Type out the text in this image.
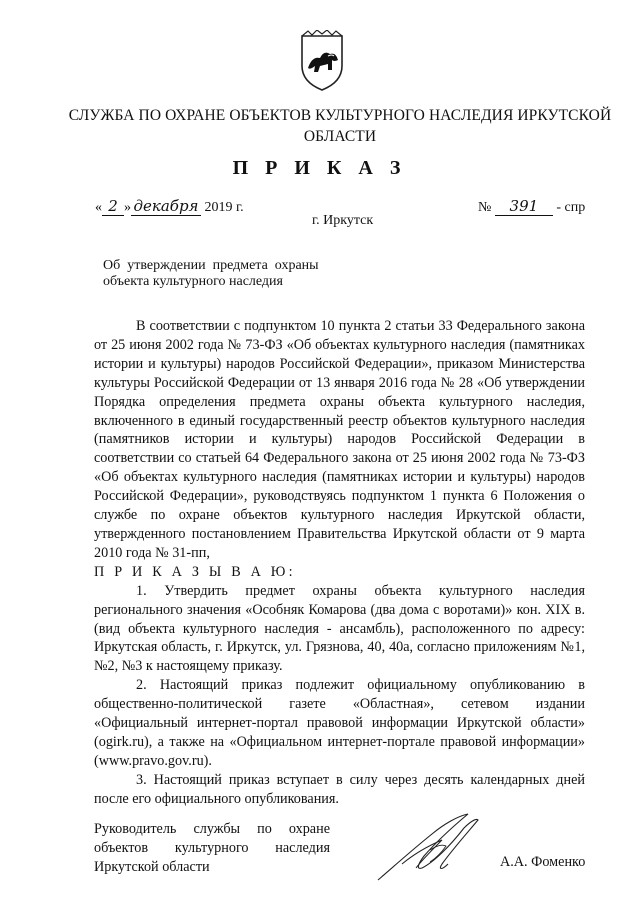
СЛУЖБА ПО ОХРАНЕ ОБЪЕКТОВ КУЛЬТУРНОГО НАСЛЕДИЯ ИРКУТСКОЙ
ОБЛАСТИ
П Р И К А З
« 2 » декабря 2019 г.	№ 391 - спр
г. Иркутск
Об  утверждении  предмета  охраны
объекта культурного наследия

В соответствии с подпунктом 10 пункта 2 статьи 33 Федерального закона от 25 июня 2002 года № 73-ФЗ «Об объектах культурного наследия (памятниках истории и культуры) народов Российской Федерации», приказом Министерства культуры Российской Федерации от 13 января 2016 года № 28 «Об утверждении Порядка определения предмета охраны объекта культурного наследия, включенного в единый государственный реестр объектов культурного наследия (памятников истории и культуры) народов Российской Федерации в соответствии со статьей 64 Федерального закона от 25 июня 2002 года № 73-ФЗ «Об объектах культурного наследия (памятниках истории и культуры) народов Российской Федерации», руководствуясь подпунктом 1 пункта 6 Положения о службе по охране объектов культурного наследия Иркутской области, утвержденного постановлением Правительства Иркутской области от 9 марта 2010 года № 31-пп,

П Р И К А З Ы В А Ю:

1. Утвердить предмет охраны объекта культурного наследия регионального значения «Особняк Комарова (два дома с воротами)» кон. XIX в. (вид объекта культурного наследия - ансамбль), расположенного по адресу: Иркутская область, г. Иркутск, ул. Грязнова, 40, 40а, согласно приложениям №1, №2, №3 к настоящему приказу.

2. Настоящий приказ подлежит официальному опубликованию в общественно-политической газете «Областная», сетевом издании «Официальный интернет-портал правовой информации Иркутской области» (ogirk.ru), а также на «Официальном интернет-портале правовой информации» (www.pravo.gov.ru).

3. Настоящий приказ вступает в силу через десять календарных дней после его официального опубликования.

Руководитель службы по охране
объектов культурного наследия
Иркутской области	А.А. Фоменко
